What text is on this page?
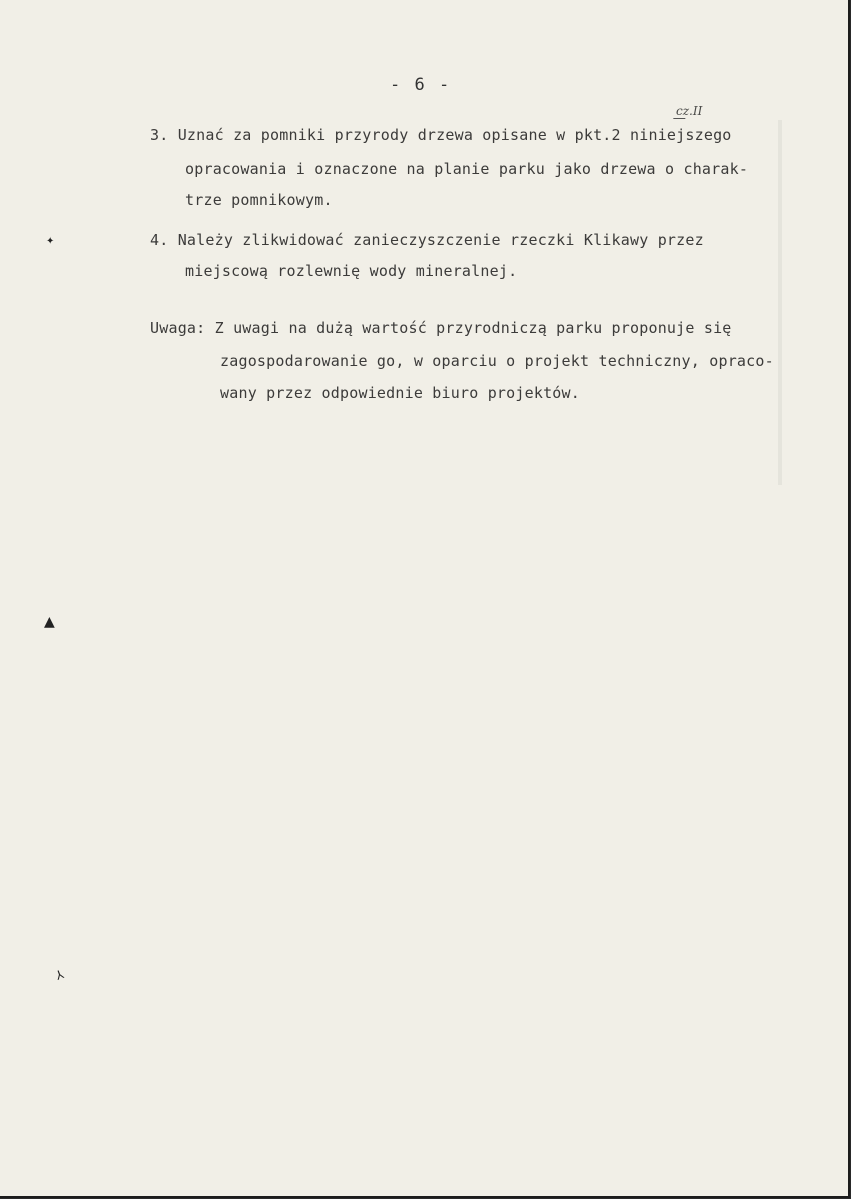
- 6 -
cz.II
3. Uznać za pomniki przyrody drzewa opisane w pkt.2 niniejszego
opracowania i oznaczone na planie parku jako drzewa o charak-
trze pomnikowym.
4. Należy zlikwidować zanieczyszczenie rzeczki Klikawy przez
miejscową rozlewnię wody mineralnej.
Uwaga: Z uwagi na dużą wartość przyrodniczą parku proponuje się
zagospodarowanie go, w oparciu o projekt techniczny, opraco-
wany przez odpowiednie biuro projektów.
✦
▲
⅄
